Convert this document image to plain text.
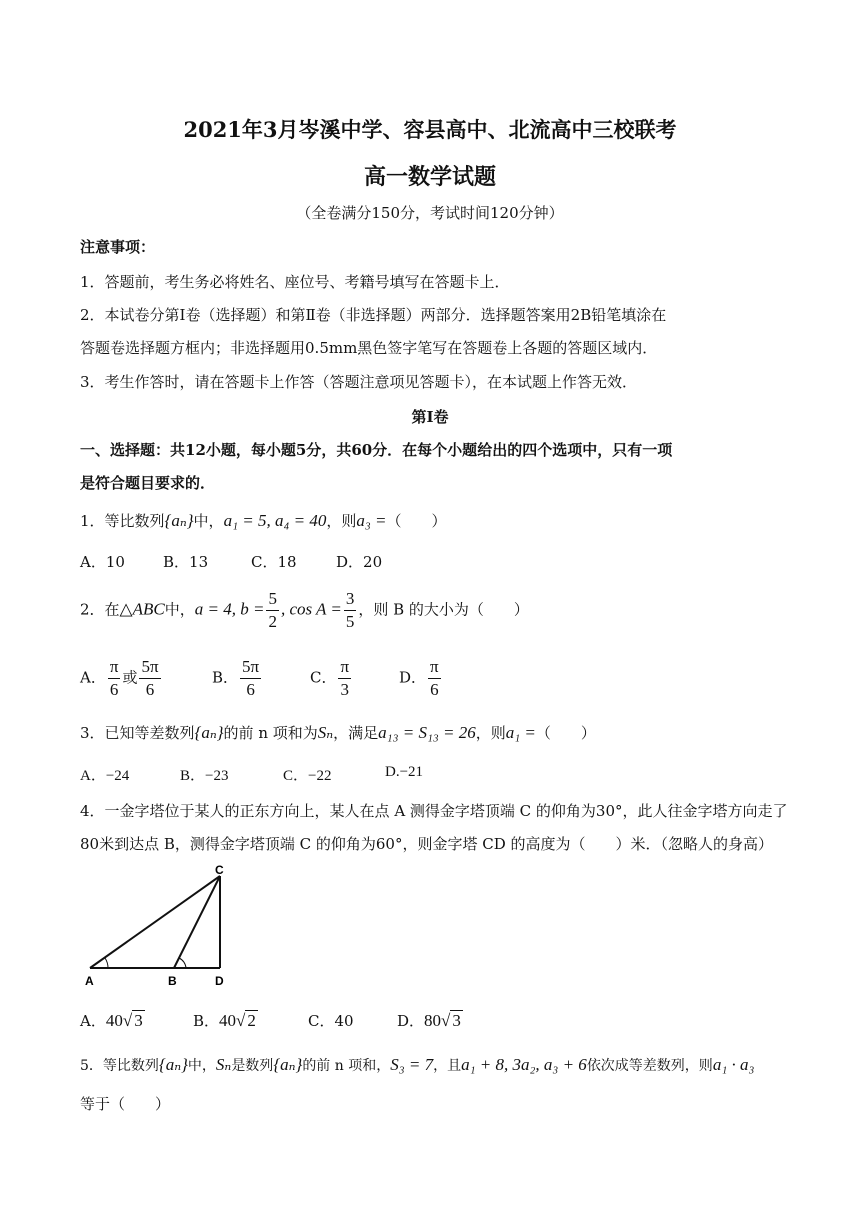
2021年3月岑溪中学、容县高中、北流高中三校联考
高一数学试题
（全卷满分150分，考试时间120分钟）
注意事项：
1．答题前，考生务必将姓名、座位号、考籍号填写在答题卡上．
2．本试卷分第Ⅰ卷（选择题）和第Ⅱ卷（非选择题）两部分．选择题答案用2B铅笔填涂在
答题卷选择题方框内；非选择题用0.5mm黑色签字笔写在答题卷上各题的答题区域内．
3．考生作答时，请在答题卡上作答（答题注意项见答题卡），在本试题上作答无效．
第Ⅰ卷
一、选择题：共12小题，每小题5分，共60分．在每个小题给出的四个选项中，只有一项
是符合题目要求的．
1．等比数列{aₙ}中，a₁ = 5, a₄ = 40，则a₃ =（　　）
A．10	B．13	C．18	D．20
2．在△ABC中，a = 4, $b = \frac{5}{2}$ , $\cos A = \frac{3}{5}$ ，则 B 的大小为（　　）
A． $\frac{\pi}{6}$ 或 $\frac{5\pi}{6}$	B． $\frac{5\pi}{6}$	C． $\frac{\pi}{3}$	D． $\frac{\pi}{6}$
3．已知等差数列{aₙ}的前 n 项和为Sₙ，满足a₁₃ = S₁₃ = 26，则a₁ =（　　）
A．−24	B．−23	C．−22	D.−21
4．一金字塔位于某人的正东方向上，某人在点 A 测得金字塔顶端 C 的仰角为30°，此人往金字塔方向走了
80米到达点 B，测得金字塔顶端 C 的仰角为60°，则金字塔 CD 的高度为（　　）米．（忽略人的身高）
C
A	B	D
A．40√ 3	B．40√ 2	C．40	D．80√ 3
5．等比数列{aₙ}中，Sₙ是数列{aₙ}的前 n 项和，S₃ = 7，且a₁ + 8, 3a₂, a₃ + 6依次成等差数列，则a₁ · a₃
等于（　　）
